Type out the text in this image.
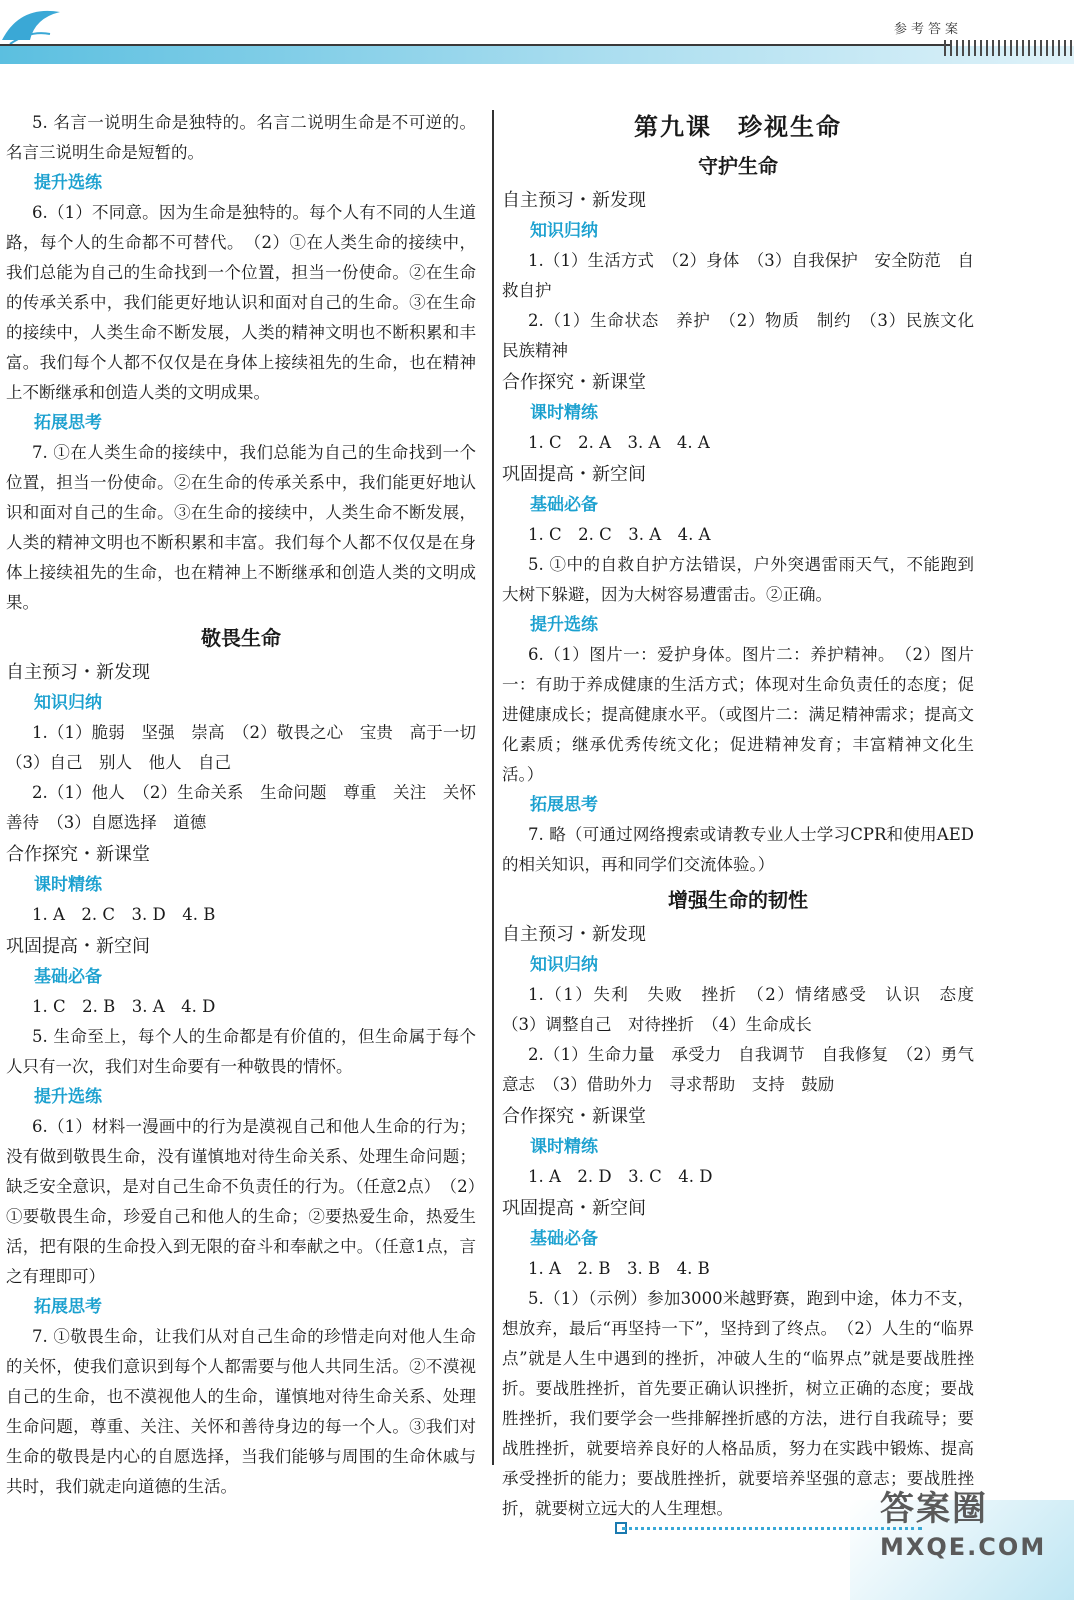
参考答案

5. 名言一说明生命是独特的。名言二说明生命是不可逆的。名言三说明生命是短暂的。

提升选练

6.（1）不同意。因为生命是独特的。每个人有不同的人生道路，每个人的生命都不可替代。　（2）①在人类生命的接续中，我们总能为自己的生命找到一个位置，担当一份使命。②在生命的传承关系中，我们能更好地认识和面对自己的生命。③在生命的接续中，人类生命不断发展，人类的精神文明也不断积累和丰富。我们每个人都不仅仅是在身体上接续祖先的生命，也在精神上不断继承和创造人类的文明成果。

拓展思考

7. ①在人类生命的接续中，我们总能为自己的生命找到一个位置，担当一份使命。②在生命的传承关系中，我们能更好地认识和面对自己的生命。③在生命的接续中，人类生命不断发展，人类的精神文明也不断积累和丰富。我们每个人都不仅仅是在身体上接续祖先的生命，也在精神上不断继承和创造人类的文明成果。

敬畏生命

自主预习・新发现

知识归纳

1.（1）脆弱　坚强　崇高　（2）敬畏之心　宝贵　高于一切　（3）自己　别人　他人　自己

2.（1）他人　（2）生命关系　生命问题　尊重　关注　关怀　善待　（3）自愿选择　道德

合作探究・新课堂

课时精练

1. A　2. C　3. D　4. B

巩固提高・新空间

基础必备

1. C　2. B　3. A　4. D

5. 生命至上，每个人的生命都是有价值的，但生命属于每个人只有一次，我们对生命要有一种敬畏的情怀。

提升选练

6.（1）材料一漫画中的行为是漠视自己和他人生命的行为；没有做到敬畏生命，没有谨慎地对待生命关系、处理生命问题；缺乏安全意识，是对自己生命不负责任的行为。（任意2点）　（2）①要敬畏生命，珍爱自己和他人的生命；②要热爱生命，热爱生活，把有限的生命投入到无限的奋斗和奉献之中。（任意1点，言之有理即可）

拓展思考

7. ①敬畏生命，让我们从对自己生命的珍惜走向对他人生命的关怀，使我们意识到每个人都需要与他人共同生活。②不漠视自己的生命，也不漠视他人的生命，谨慎地对待生命关系、处理生命问题，尊重、关注、关怀和善待身边的每一个人。③我们对生命的敬畏是内心的自愿选择，当我们能够与周围的生命休戚与共时，我们就走向道德的生活。

第九课　珍视生命

守护生命

自主预习・新发现

知识归纳

1.（1）生活方式　（2）身体　（3）自我保护　安全防范　自救自护

2.（1）生命状态　养护　（2）物质　制约　（3）民族文化　民族精神

合作探究・新课堂

课时精练

1. C　2. A　3. A　4. A

巩固提高・新空间

基础必备

1. C　2. C　3. A　4. A

5. ①中的自救自护方法错误，户外突遇雷雨天气，不能跑到大树下躲避，因为大树容易遭雷击。②正确。

提升选练

6.（1）图片一：爱护身体。图片二：养护精神。　（2）图片一：有助于养成健康的生活方式；体现对生命负责任的态度；促进健康成长；提高健康水平。（或图片二：满足精神需求；提高文化素质；继承优秀传统文化；促进精神发育；丰富精神文化生活。）

拓展思考

7. 略（可通过网络搜索或请教专业人士学习CPR和使用AED的相关知识，再和同学们交流体验。）

增强生命的韧性

自主预习・新发现

知识归纳

1.（1）失利　失败　挫折　（2）情绪感受　认识　态度　（3）调整自己　对待挫折　（4）生命成长

2.（1）生命力量　承受力　自我调节　自我修复　（2）勇气　意志　（3）借助外力　寻求帮助　支持　鼓励

合作探究・新课堂

课时精练

1. A　2. D　3. C　4. D

巩固提高・新空间

基础必备

1. A　2. B　3. B　4. B

5.（1）（示例）参加3000米越野赛，跑到中途，体力不支，想放弃，最后“再坚持一下”，坚持到了终点。　（2）人生的“临界点”就是人生中遇到的挫折，冲破人生的“临界点”就是要战胜挫折。要战胜挫折，首先要正确认识挫折，树立正确的态度；要战胜挫折，我们要学会一些排解挫折感的方法，进行自我疏导；要战胜挫折，就要培养良好的人格品质，努力在实践中锻炼、提高承受挫折的能力；要战胜挫折，就要培养坚强的意志；要战胜挫折，就要树立远大的人生理想。	答案圈
MXQE.COM
